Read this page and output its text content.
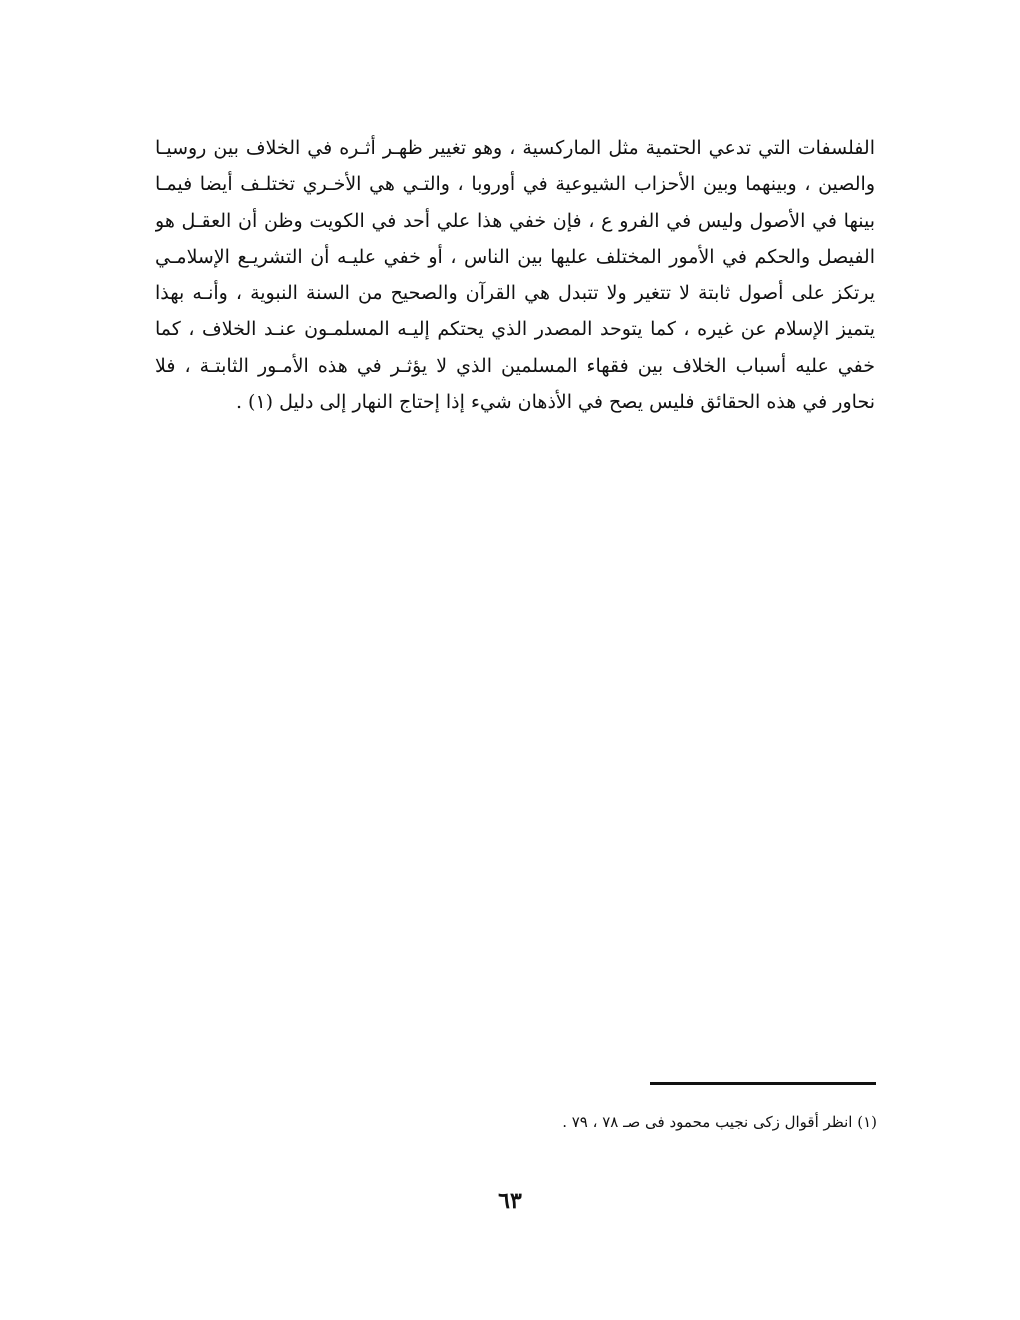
الفلسفات التي تدعي الحتمية مثل الماركسية ، وهو تغيير ظهـر أثـره في الخلاف بين روسيـا
والصين ، وبينهما وبين الأحزاب الشيوعية في أوروبا ، والتـي هي الأخـري تختلـف أيضا فيمـا
بينها في الأصول وليس في الفرو ع ، فإن خفي هذا علي أحد في الكويت وظن أن العقـل هو
الفيصل والحكم في الأمور المختلف عليها بين الناس ، أو خفي عليـه أن التشريـع الإسلامـي
يرتكز على أصول ثابتة لا تتغير ولا تتبدل هي القرآن والصحيح من السنة النبوية ، وأنـه بهذا
يتميز الإسلام عن غيره ، كما يتوحد المصدر الذي يحتكم إليـه المسلمـون عنـد الخلاف ، كما
خفي عليه أسباب الخلاف بين فقهاء المسلمين الذي لا يؤثـر في هذه الأمـور الثابتـة ، فلا
نحاور في هذه الحقائق فليس يصح في الأذهان شيء إذا إحتاج النهار إلى دليل (١) .
(١) انظر أقوال زكى نجيب محمود فى صـ ٧٨ ، ٧٩ .
٦٣
